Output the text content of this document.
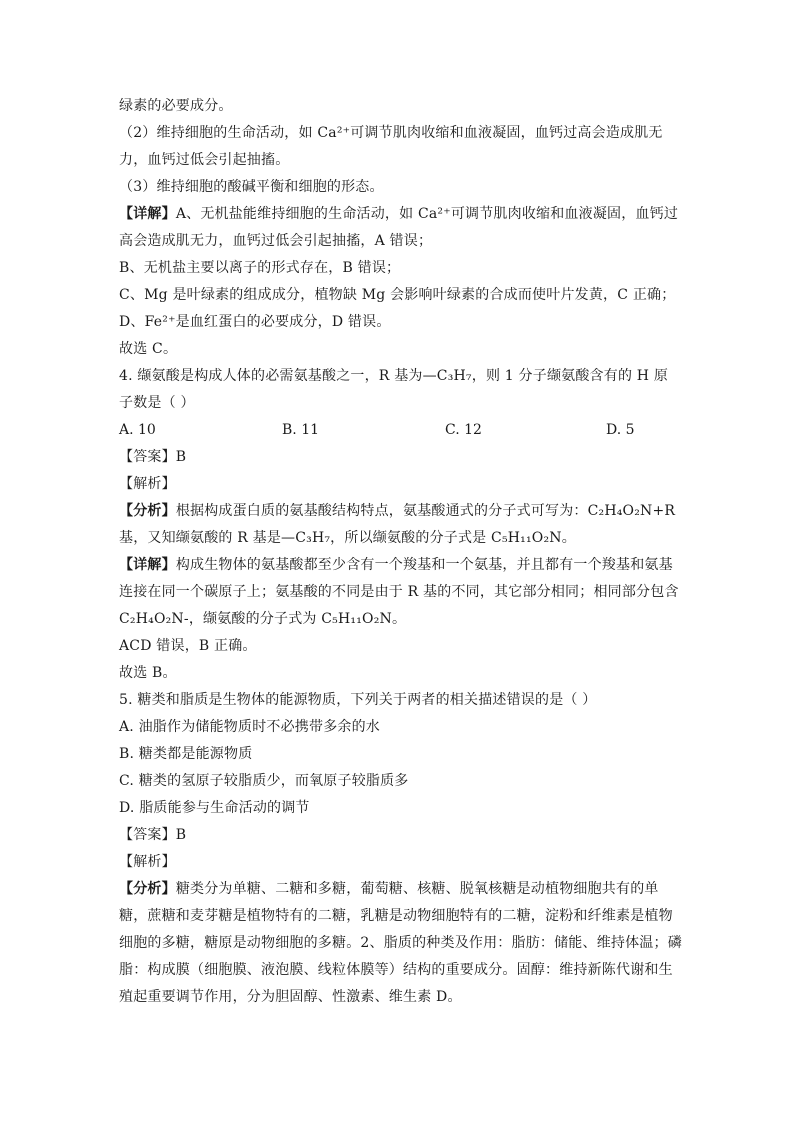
绿素的必要成分。
（2）维持细胞的生命活动，如 Ca²⁺可调节肌肉收缩和血液凝固，血钙过高会造成肌无
力，血钙过低会引起抽搐。
（3）维持细胞的酸碱平衡和细胞的形态。
【详解】A、无机盐能维持细胞的生命活动，如 Ca²⁺可调节肌肉收缩和血液凝固，血钙过
高会造成肌无力，血钙过低会引起抽搐，A 错误；
B、无机盐主要以离子的形式存在，B 错误；
C、Mg 是叶绿素的组成成分，植物缺 Mg 会影响叶绿素的合成而使叶片发黄，C 正确；
D、Fe²⁺是血红蛋白的必要成分，D 错误。
故选 C。
4. 缬氨酸是构成人体的必需氨基酸之一，R 基为—C₃H₇，则 1 分子缬氨酸含有的 H 原
子数是（ ）
A. 10	B. 11	C. 12	D. 5
【答案】B
【解析】
【分析】根据构成蛋白质的氨基酸结构特点，氨基酸通式的分子式可写为：C₂H₄O₂N+R
基，又知缬氨酸的 R 基是—C₃H₇，所以缬氨酸的分子式是 C₅H₁₁O₂N。
【详解】构成生物体的氨基酸都至少含有一个羧基和一个氨基，并且都有一个羧基和氨基
连接在同一个碳原子上；氨基酸的不同是由于 R 基的不同，其它部分相同；相同部分包含
C₂H₄O₂N-，缬氨酸的分子式为 C₅H₁₁O₂N。
ACD 错误，B 正确。
故选 B。
5. 糖类和脂质是生物体的能源物质，下列关于两者的相关描述错误的是（ ）
A. 油脂作为储能物质时不必携带多余的水
B. 糖类都是能源物质
C. 糖类的氢原子较脂质少，而氧原子较脂质多
D. 脂质能参与生命活动的调节
【答案】B
【解析】
【分析】糖类分为单糖、二糖和多糖，葡萄糖、核糖、脱氧核糖是动植物细胞共有的单
糖，蔗糖和麦芽糖是植物特有的二糖，乳糖是动物细胞特有的二糖，淀粉和纤维素是植物
细胞的多糖，糖原是动物细胞的多糖。2、脂质的种类及作用：脂肪：储能、维持体温；磷
脂：构成膜（细胞膜、液泡膜、线粒体膜等）结构的重要成分。固醇：维持新陈代谢和生
殖起重要调节作用，分为胆固醇、性激素、维生素 D。
